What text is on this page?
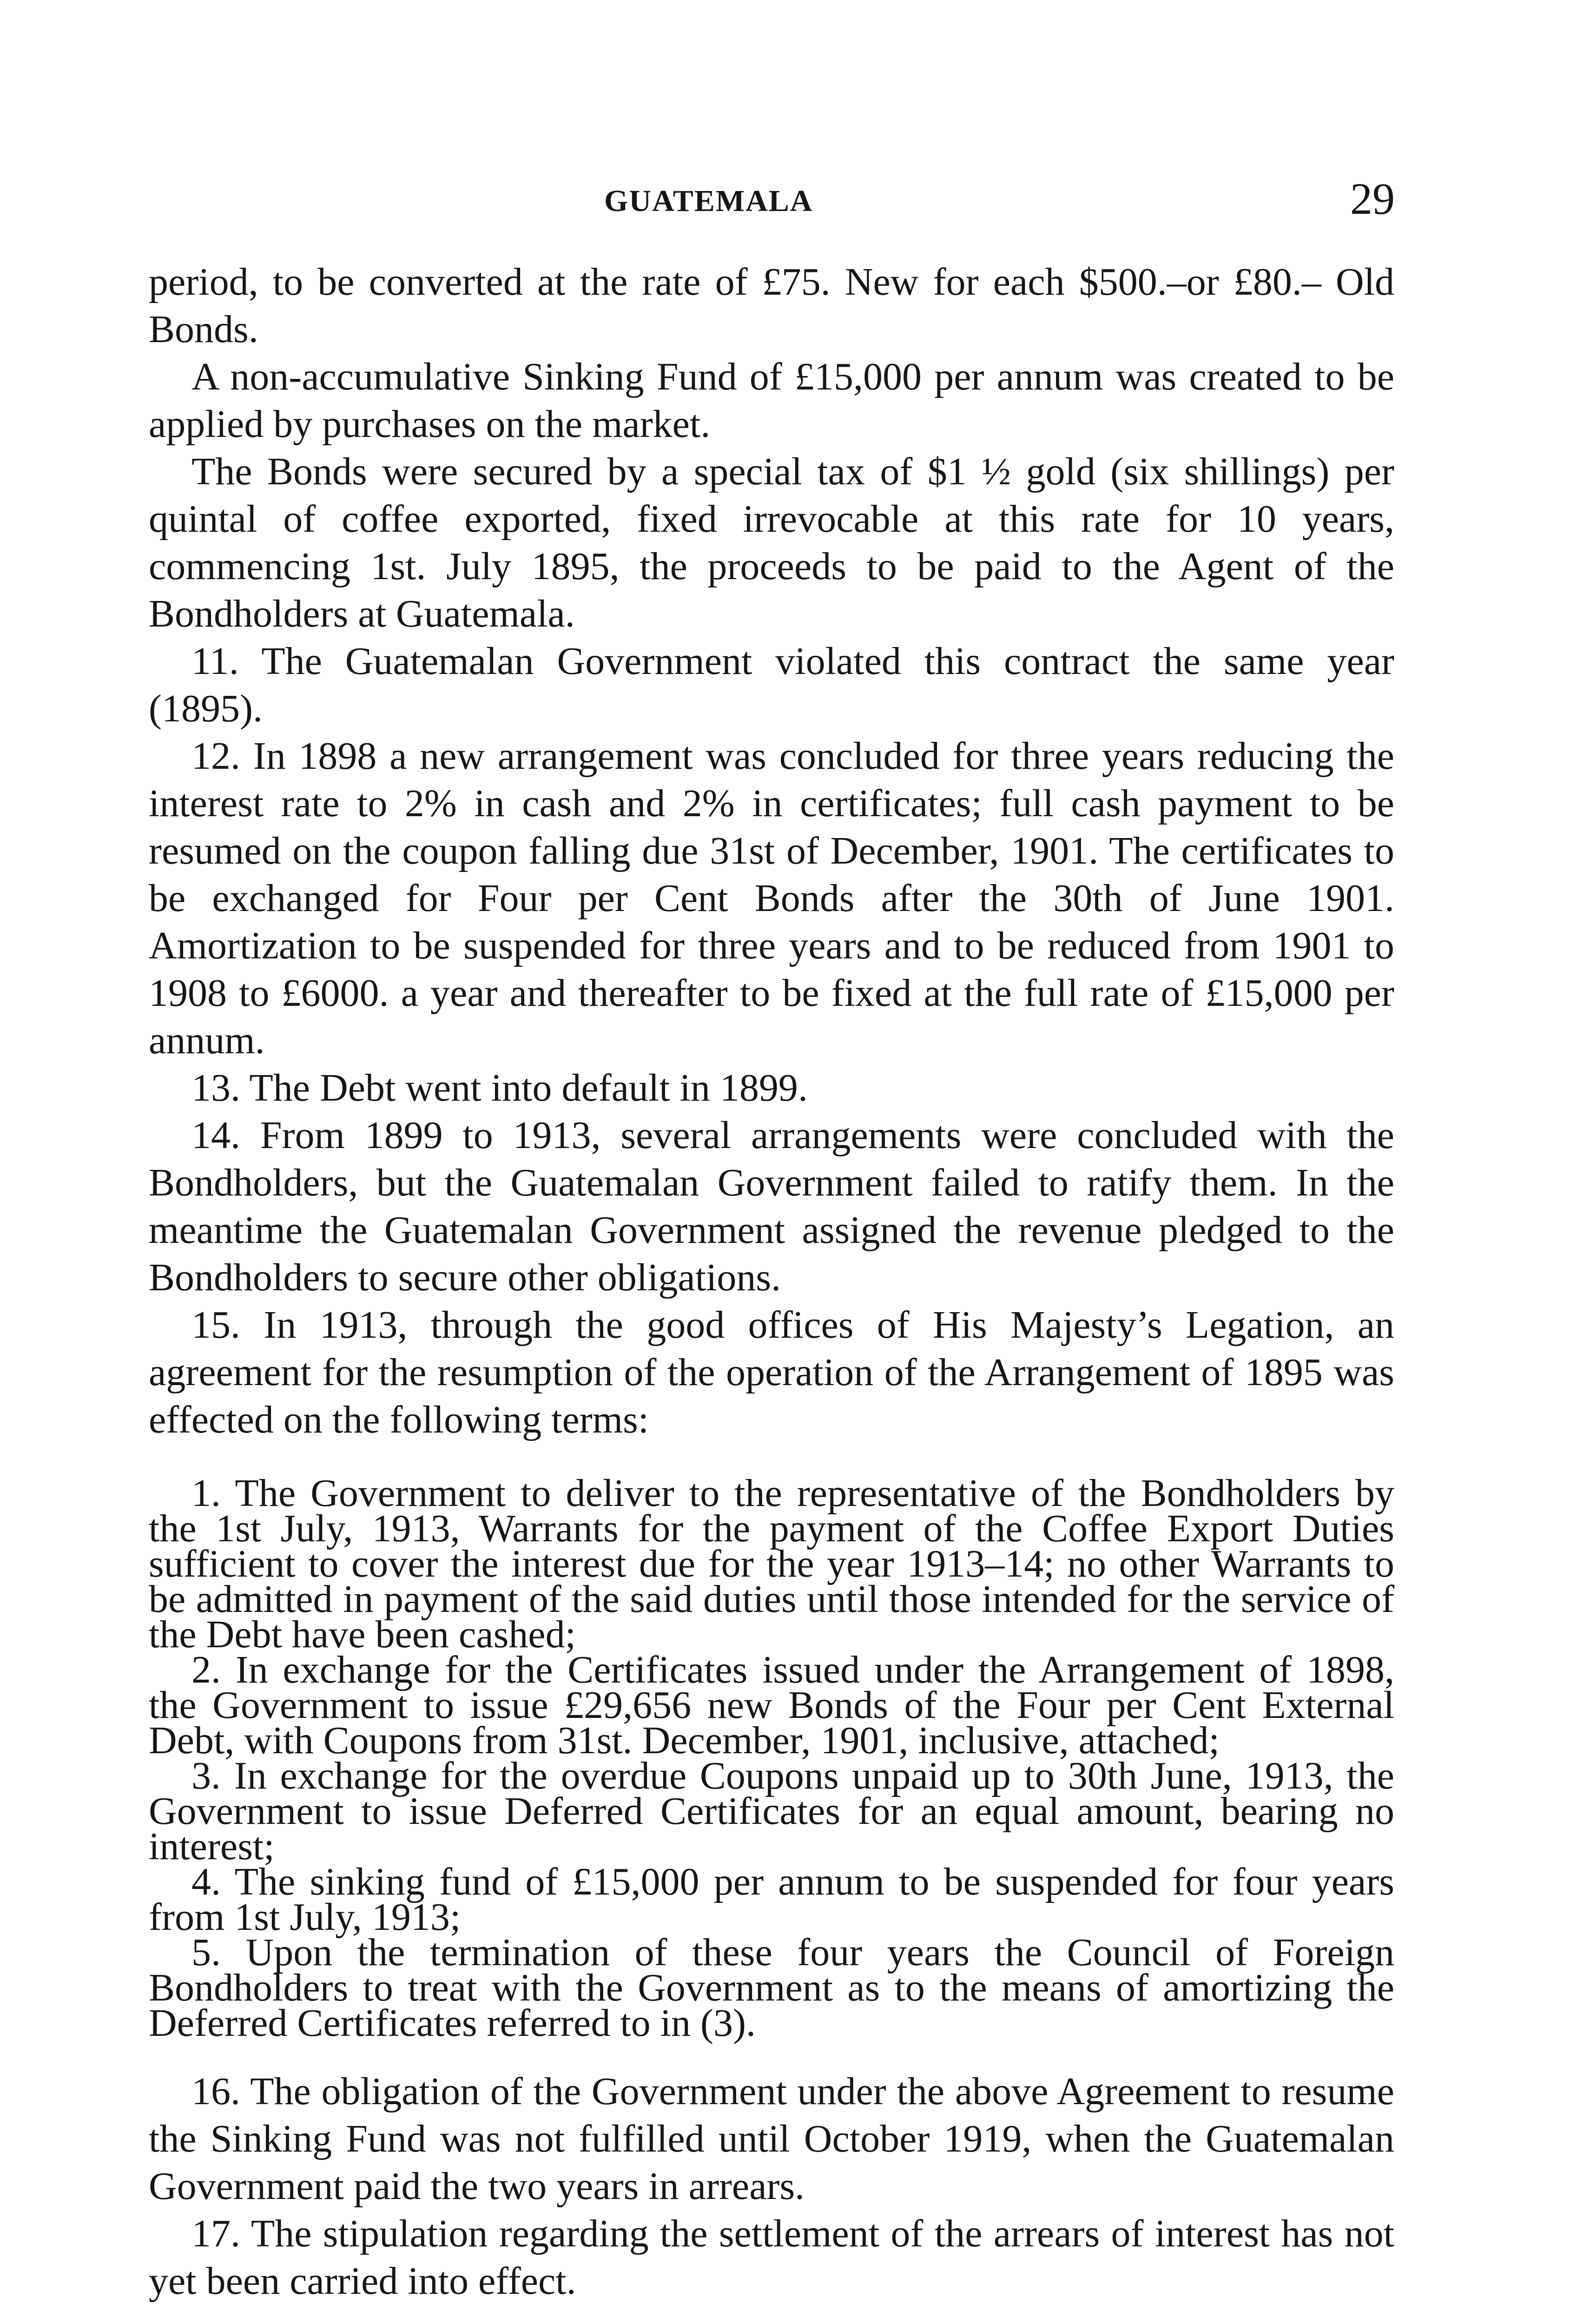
GUATEMALA	29

period, to be converted at the rate of £75. New for each $500.–or £80.– Old Bonds.

A non-accumulative Sinking Fund of £15,000 per annum was created to be applied by purchases on the market.

The Bonds were secured by a special tax of $1 ½ gold (six shillings) per quintal of coffee exported, fixed irrevocable at this rate for 10 years, commencing 1st. July 1895, the proceeds to be paid to the Agent of the Bondholders at Guatemala.

11. The Guatemalan Government violated this contract the same year (1895).

12. In 1898 a new arrangement was concluded for three years reducing the interest rate to 2% in cash and 2% in certificates; full cash payment to be resumed on the coupon falling due 31st of December, 1901. The certificates to be exchanged for Four per Cent Bonds after the 30th of June 1901. Amortization to be suspended for three years and to be reduced from 1901 to 1908 to £6000. a year and thereafter to be fixed at the full rate of £15,000 per annum.

13. The Debt went into default in 1899.

14. From 1899 to 1913, several arrangements were concluded with the Bondholders, but the Guatemalan Government failed to ratify them. In the meantime the Guatemalan Government assigned the revenue pledged to the Bondholders to secure other obligations.

15. In 1913, through the good offices of His Majesty’s Legation, an agreement for the resumption of the operation of the Arrangement of 1895 was effected on the following terms:

1. The Government to deliver to the representative of the Bondholders by the 1st July, 1913, Warrants for the payment of the Coffee Export Duties sufficient to cover the interest due for the year 1913–14; no other Warrants to be admitted in payment of the said duties until those intended for the service of the Debt have been cashed;

2. In exchange for the Certificates issued under the Arrangement of 1898, the Government to issue £29,656 new Bonds of the Four per Cent External Debt, with Coupons from 31st. December, 1901, inclusive, attached;

3. In exchange for the overdue Coupons unpaid up to 30th June, 1913, the Government to issue Deferred Certificates for an equal amount, bearing no interest;

4. The sinking fund of £15,000 per annum to be suspended for four years from 1st July, 1913;

5. Upon the termination of these four years the Council of Foreign Bondholders to treat with the Government as to the means of amortizing the Deferred Certificates referred to in (3).

16. The obligation of the Government under the above Agreement to resume the Sinking Fund was not fulfilled until October 1919, when the Guatemalan Government paid the two years in arrears.

17. The stipulation regarding the settlement of the arrears of interest has not yet been carried into effect.
